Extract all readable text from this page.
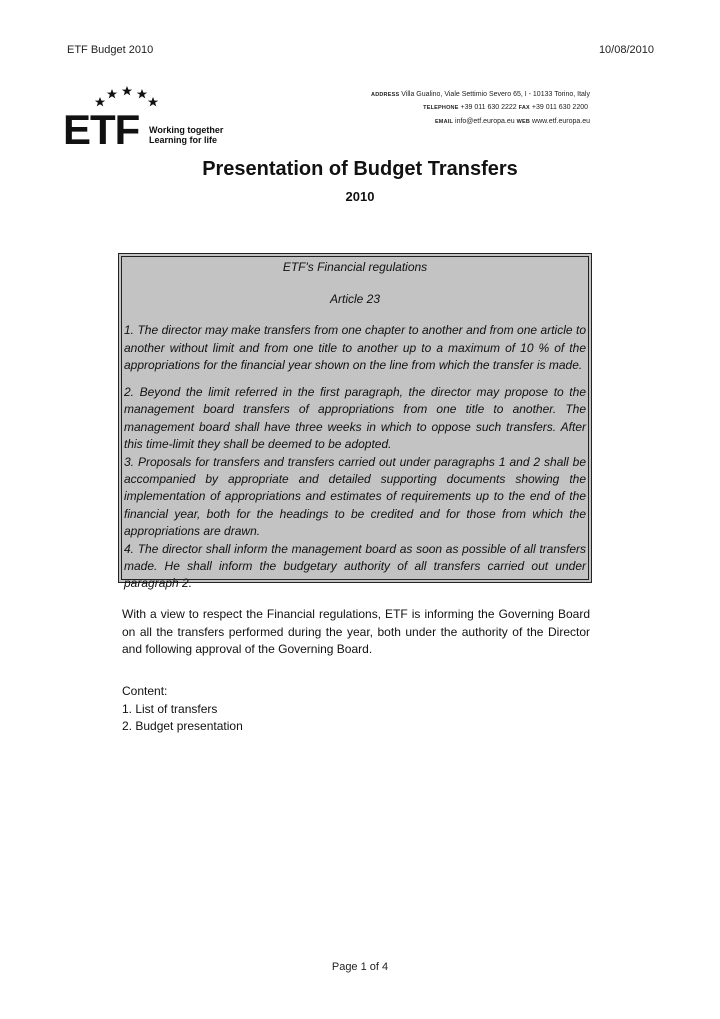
ETF Budget 2010	10/08/2010
ETF Working together
Learning for life
ADDRESS Villa Gualino, Viale Settimio Severo 65, I - 10133 Torino, Italy
TELEPHONE +39 011 630 2222 FAX +39 011 630 2200
EMAIL info@etf.europa.eu WEB www.etf.europa.eu
Presentation of Budget Transfers
2010
ETF's Financial regulations
Article 23

1. The director may make transfers from one chapter to another and from one article to another without limit and from one title to another up to a maximum of 10 % of the appropriations for the financial year shown on the line from which the transfer is made.

2. Beyond the limit referred in the first paragraph, the director may propose to the management board transfers of appropriations from one title to another. The management board shall have three weeks in which to oppose such transfers. After this time-limit they shall be deemed to be adopted.

3. Proposals for transfers and transfers carried out under paragraphs 1 and 2 shall be accompanied by appropriate and detailed supporting documents showing the implementation of appropriations and estimates of requirements up to the end of the financial year, both for the headings to be credited and for those from which the appropriations are drawn.

4. The director shall inform the management board as soon as possible of all transfers made. He shall inform the budgetary authority of all transfers carried out under paragraph 2.

With a view to respect the Financial regulations, ETF is informing the Governing Board on all the transfers performed during the year, both under the authority of the Director and following approval of the Governing Board.
Content:
1. List of transfers
2. Budget presentation
Page 1 of 4
